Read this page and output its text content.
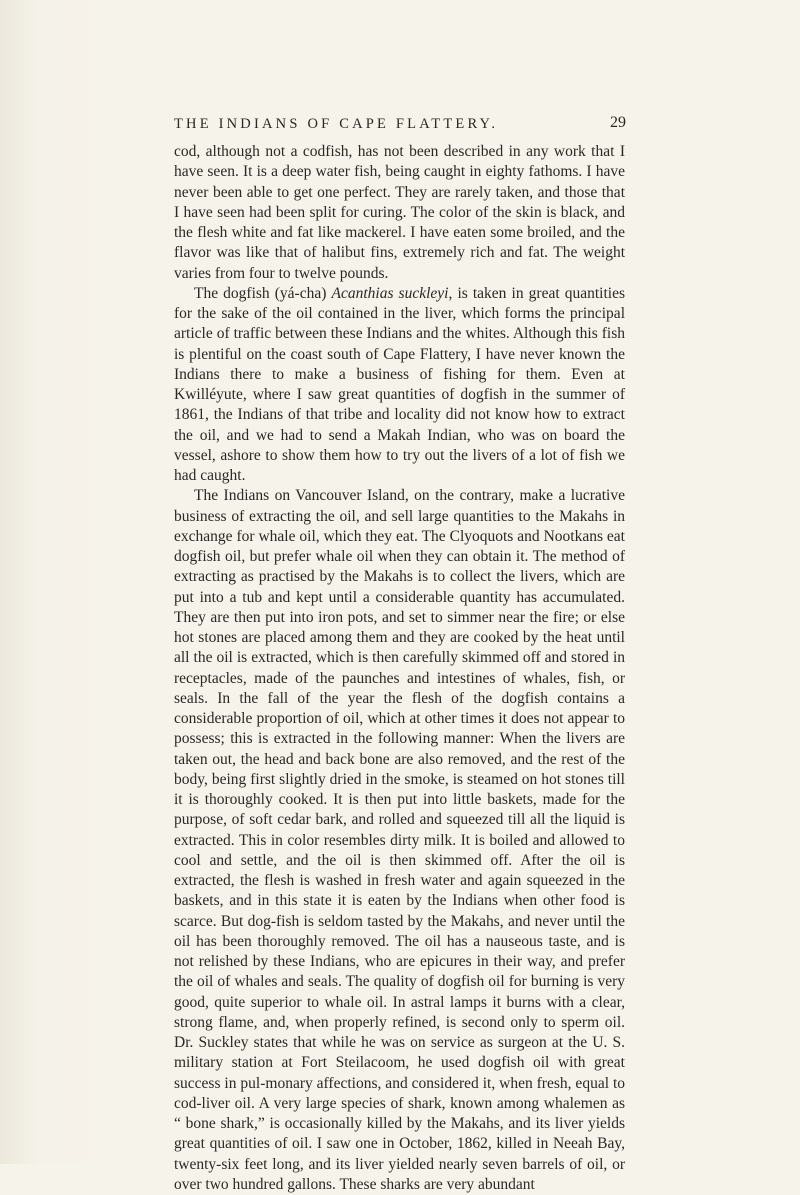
THE INDIANS OF CAPE FLATTERY.	29

cod, although not a codfish, has not been described in any work that I have seen. It is a deep water fish, being caught in eighty fathoms. I have never been able to get one perfect. They are rarely taken, and those that I have seen had been split for curing. The color of the skin is black, and the flesh white and fat like mackerel. I have eaten some broiled, and the flavor was like that of halibut fins, extremely rich and fat. The weight varies from four to twelve pounds.

The dogfish (yá-cha) Acanthias suckleyi, is taken in great quantities for the sake of the oil contained in the liver, which forms the principal article of traffic between these Indians and the whites. Although this fish is plentiful on the coast south of Cape Flattery, I have never known the Indians there to make a business of fishing for them. Even at Kwilléyute, where I saw great quantities of dogfish in the summer of 1861, the Indians of that tribe and locality did not know how to extract the oil, and we had to send a Makah Indian, who was on board the vessel, ashore to show them how to try out the livers of a lot of fish we had caught.

The Indians on Vancouver Island, on the contrary, make a lucrative business of extracting the oil, and sell large quantities to the Makahs in exchange for whale oil, which they eat. The Clyoquots and Nootkans eat dogfish oil, but prefer whale oil when they can obtain it. The method of extracting as practised by the Makahs is to collect the livers, which are put into a tub and kept until a considerable quantity has accumulated. They are then put into iron pots, and set to simmer near the fire; or else hot stones are placed among them and they are cooked by the heat until all the oil is extracted, which is then carefully skimmed off and stored in receptacles, made of the paunches and intestines of whales, fish, or seals. In the fall of the year the flesh of the dogfish contains a considerable proportion of oil, which at other times it does not appear to possess; this is extracted in the following manner: When the livers are taken out, the head and back bone are also removed, and the rest of the body, being first slightly dried in the smoke, is steamed on hot stones till it is thoroughly cooked. It is then put into little baskets, made for the purpose, of soft cedar bark, and rolled and squeezed till all the liquid is extracted. This in color resembles dirty milk. It is boiled and allowed to cool and settle, and the oil is then skimmed off. After the oil is extracted, the flesh is washed in fresh water and again squeezed in the baskets, and in this state it is eaten by the Indians when other food is scarce. But dog-fish is seldom tasted by the Makahs, and never until the oil has been thoroughly removed. The oil has a nauseous taste, and is not relished by these Indians, who are epicures in their way, and prefer the oil of whales and seals. The quality of dogfish oil for burning is very good, quite superior to whale oil. In astral lamps it burns with a clear, strong flame, and, when properly refined, is second only to sperm oil. Dr. Suckley states that while he was on service as surgeon at the U. S. military station at Fort Steilacoom, he used dogfish oil with great success in pul-monary affections, and considered it, when fresh, equal to cod-liver oil. A very large species of shark, known among whalemen as “ bone shark,” is occasionally killed by the Makahs, and its liver yields great quantities of oil. I saw one in October, 1862, killed in Neeah Bay, twenty-six feet long, and its liver yielded nearly seven barrels of oil, or over two hundred gallons. These sharks are very abundant
